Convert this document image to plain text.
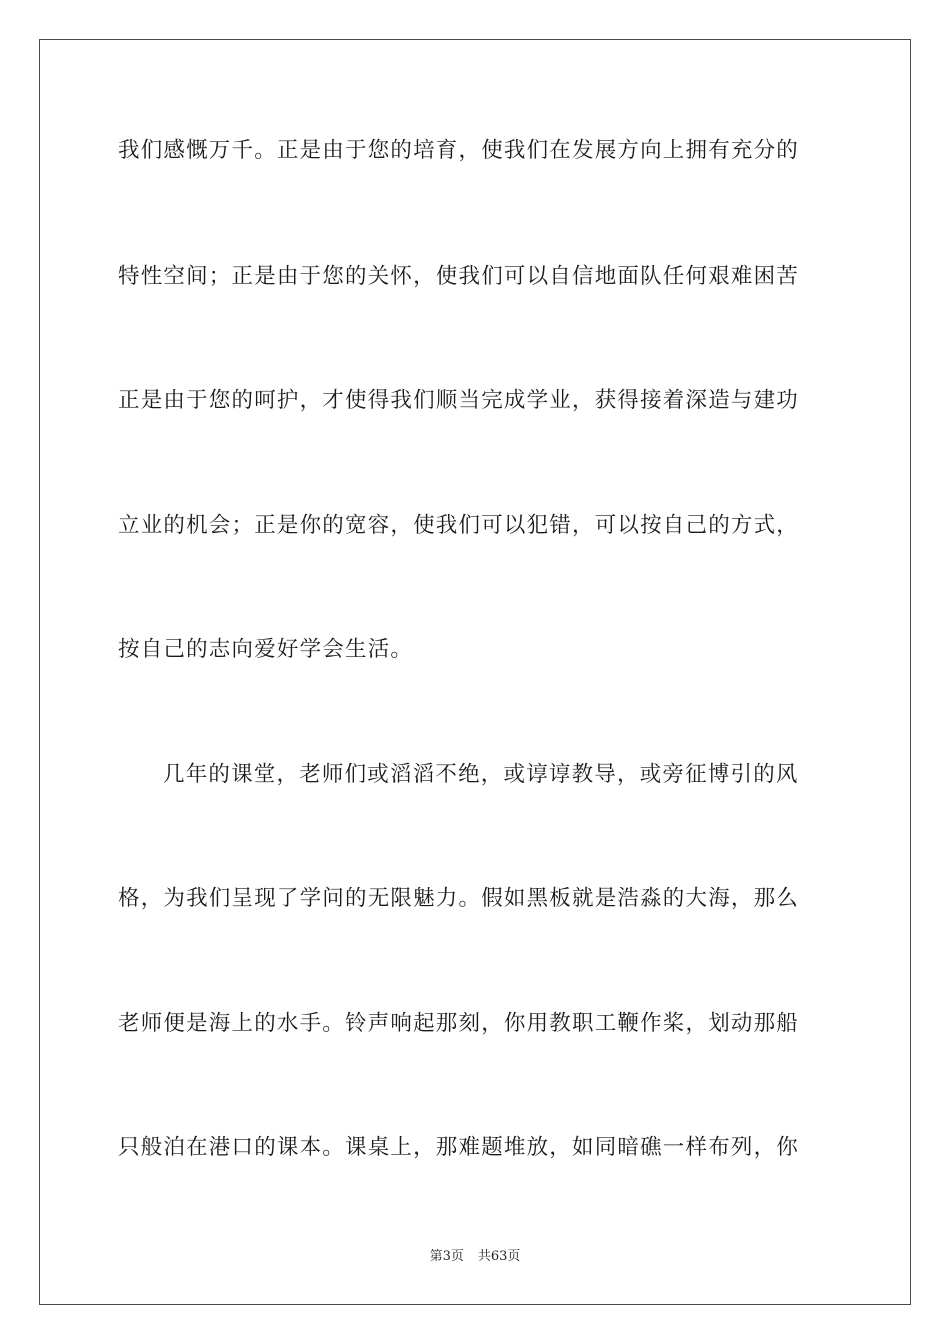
我们感慨万千。正是由于您的培育，使我们在发展方向上拥有充分的
特性空间；正是由于您的关怀，使我们可以自信地面队任何艰难困苦
正是由于您的呵护，才使得我们顺当完成学业，获得接着深造与建功
立业的机会；正是你的宽容，使我们可以犯错，可以按自己的方式，
按自己的志向爱好学会生活。
几年的课堂，老师们或滔滔不绝，或谆谆教导，或旁征博引的风
格，为我们呈现了学问的无限魅力。假如黑板就是浩淼的大海，那么
老师便是海上的水手。铃声响起那刻，你用教职工鞭作桨，划动那船
只般泊在港口的课本。课桌上，那难题堆放，如同暗礁一样布列，你
第3页 共63页
